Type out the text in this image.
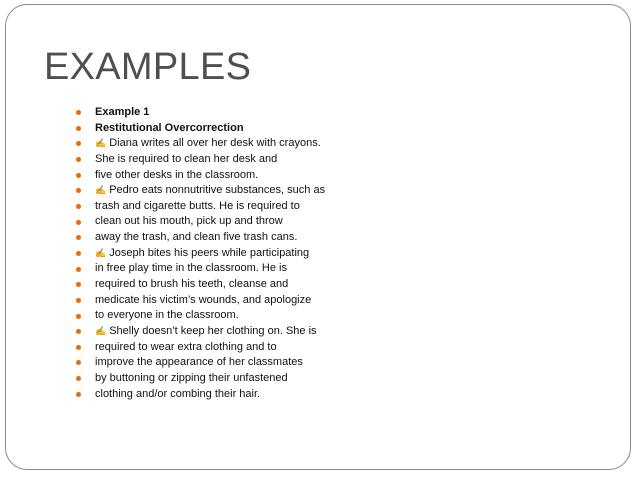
EXAMPLES
Example 1
Restitutional Overcorrection
✍ Diana writes all over her desk with crayons.
She is required to clean her desk and
five other desks in the classroom.
✍ Pedro eats nonnutritive substances, such as
trash and cigarette butts. He is required to
clean out his mouth, pick up and throw
away the trash, and clean five trash cans.
✍ Joseph bites his peers while participating
in free play time in the classroom. He is
required to brush his teeth, cleanse and
medicate his victim’s wounds, and apologize
to everyone in the classroom.
✍ Shelly doesn’t keep her clothing on. She is
required to wear extra clothing and to
improve the appearance of her classmates
by buttoning or zipping their unfastened
clothing and/or combing their hair.
